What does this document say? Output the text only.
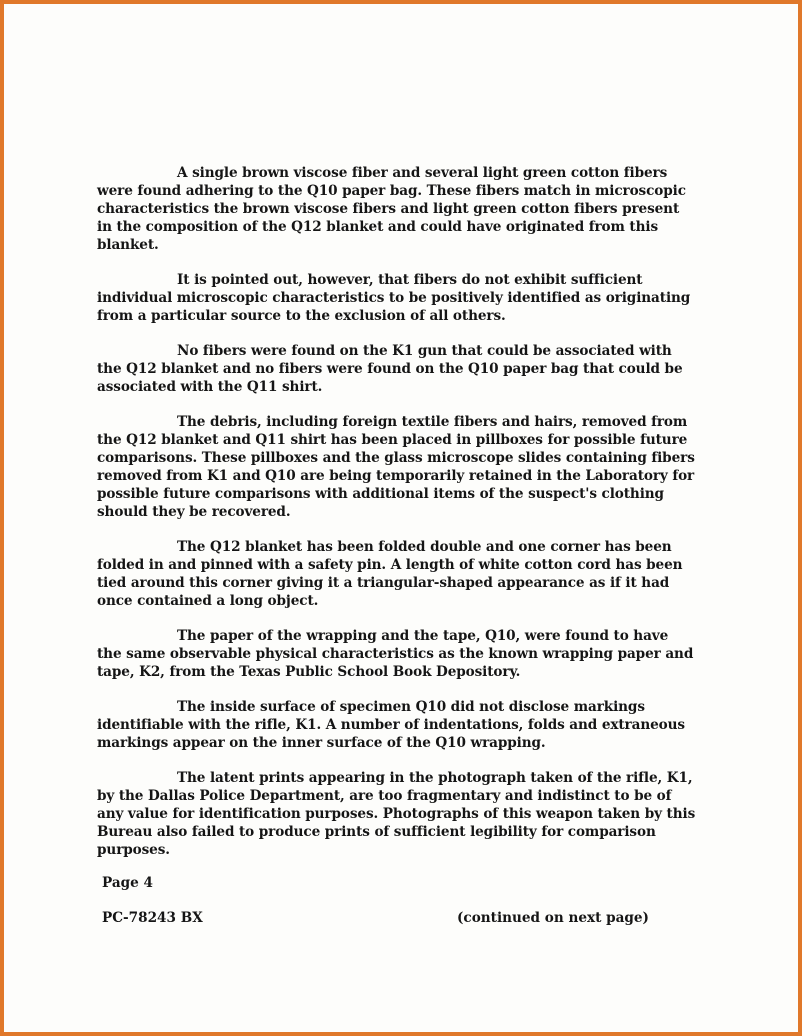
A single brown viscose fiber and several light green cotton fibers were found adhering to the Q10 paper bag. These fibers match in microscopic characteristics the brown viscose fibers and light green cotton fibers present in the composition of the Q12 blanket and could have originated from this blanket.

It is pointed out, however, that fibers do not exhibit sufficient individual microscopic characteristics to be positively identified as originating from a particular source to the exclusion of all others.

No fibers were found on the K1 gun that could be associated with the Q12 blanket and no fibers were found on the Q10 paper bag that could be associated with the Q11 shirt.

The debris, including foreign textile fibers and hairs, removed from the Q12 blanket and Q11 shirt has been placed in pillboxes for possible future comparisons. These pillboxes and the glass microscope slides containing fibers removed from K1 and Q10 are being temporarily retained in the Laboratory for possible future comparisons with additional items of the suspect's clothing should they be recovered.

The Q12 blanket has been folded double and one corner has been folded in and pinned with a safety pin. A length of white cotton cord has been tied around this corner giving it a triangular-shaped appearance as if it had once contained a long object.

The paper of the wrapping and the tape, Q10, were found to have the same observable physical characteristics as the known wrapping paper and tape, K2, from the Texas Public School Book Depository.

The inside surface of specimen Q10 did not disclose markings identifiable with the rifle, K1. A number of indentations, folds and extraneous markings appear on the inner surface of the Q10 wrapping.

The latent prints appearing in the photograph taken of the rifle, K1, by the Dallas Police Department, are too fragmentary and indistinct to be of any value for identification purposes. Photographs of this weapon taken by this Bureau also failed to produce prints of sufficient legibility for comparison purposes.

Page 4
PC-78243 BX	(continued on next page)
